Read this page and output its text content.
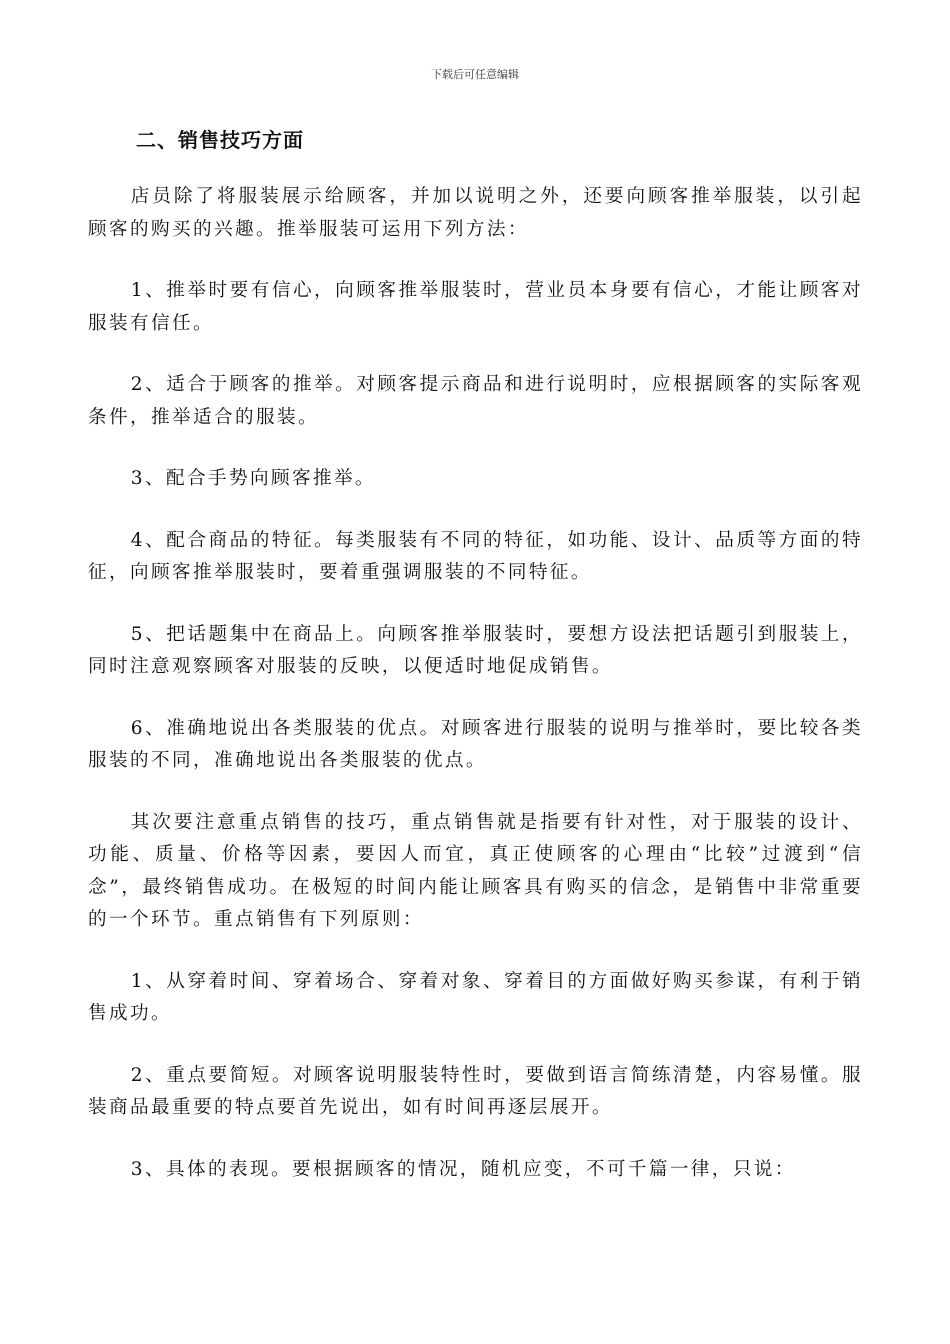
下载后可任意编辑
二、销售技巧方面

店员除了将服装展示给顾客，并加以说明之外，还要向顾客推举服装，以引起顾客的购买的兴趣。推举服装可运用下列方法：

1、推举时要有信心，向顾客推举服装时，营业员本身要有信心，才能让顾客对服装有信任。

2、适合于顾客的推举。对顾客提示商品和进行说明时，应根据顾客的实际客观条件，推举适合的服装。

3、配合手势向顾客推举。

4、配合商品的特征。每类服装有不同的特征，如功能、设计、品质等方面的特征，向顾客推举服装时，要着重强调服装的不同特征。

5、把话题集中在商品上。向顾客推举服装时，要想方设法把话题引到服装上，同时注意观察顾客对服装的反映，以便适时地促成销售。

6、准确地说出各类服装的优点。对顾客进行服装的说明与推举时，要比较各类服装的不同，准确地说出各类服装的优点。

其次要注意重点销售的技巧，重点销售就是指要有针对性，对于服装的设计、功能、质量、价格等因素，要因人而宜，真正使顾客的心理由“比较”过渡到“信念”，最终销售成功。在极短的时间内能让顾客具有购买的信念，是销售中非常重要的一个环节。重点销售有下列原则：

1、从穿着时间、穿着场合、穿着对象、穿着目的方面做好购买参谋，有利于销售成功。

2、重点要简短。对顾客说明服装特性时，要做到语言简练清楚，内容易懂。服装商品最重要的特点要首先说出，如有时间再逐层展开。

3、具体的表现。要根据顾客的情况，随机应变，不可千篇一律，只说：
